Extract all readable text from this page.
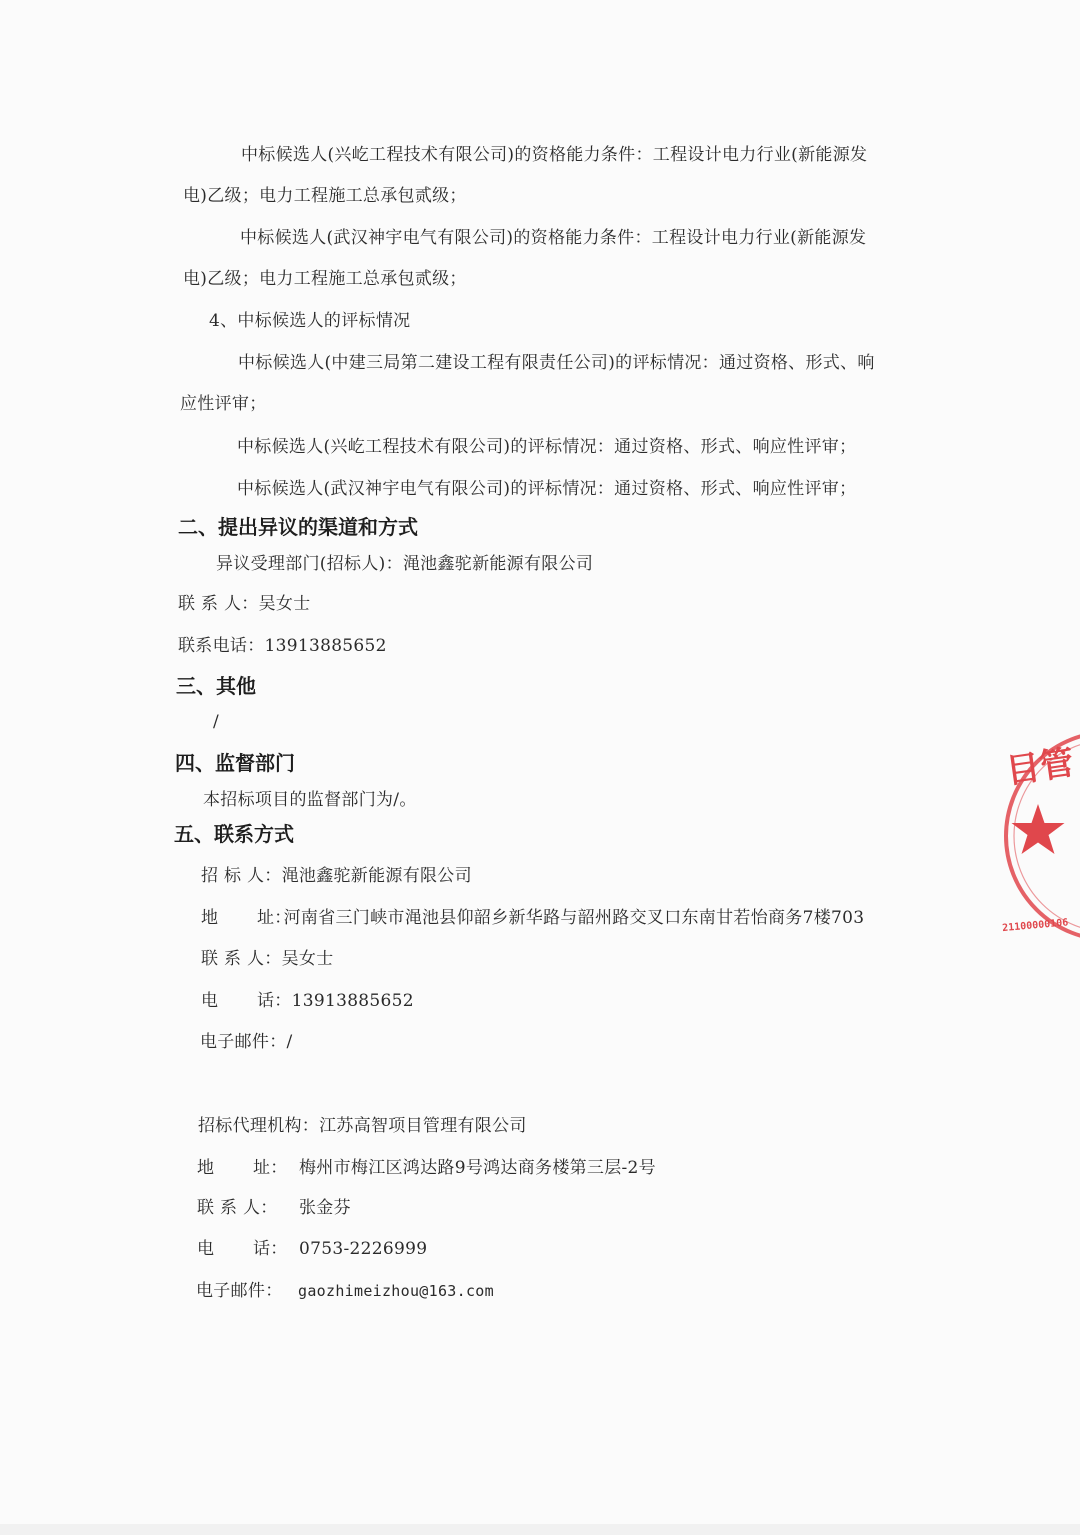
中标候选人(兴屹工程技术有限公司)的资格能力条件：工程设计电力行业(新能源发
电)乙级；电力工程施工总承包贰级；
中标候选人(武汉神宇电气有限公司)的资格能力条件：工程设计电力行业(新能源发
电)乙级；电力工程施工总承包贰级；
4、中标候选人的评标情况
中标候选人(中建三局第二建设工程有限责任公司)的评标情况：通过资格、形式、响
应性评审；
中标候选人(兴屹工程技术有限公司)的评标情况：通过资格、形式、响应性评审；
中标候选人(武汉神宇电气有限公司)的评标情况：通过资格、形式、响应性评审；
二、提出异议的渠道和方式
异议受理部门(招标人)：渑池鑫驼新能源有限公司
联 系 人：吴女士
联系电话：13913885652
三、其他
/
四、监督部门
本招标项目的监督部门为/。
五、联系方式
招 标 人：渑池鑫驼新能源有限公司
地 址：河南省三门峡市渑池县仰韶乡新华路与韶州路交叉口东南甘若怡商务7楼703
联 系 人：吴女士
电 话：13913885652
电子邮件：/
招标代理机构：江苏高智项目管理有限公司
地 址： 梅州市梅江区鸿达路9号鸿达商务楼第三层-2号
联 系 人： 张金芬
电 话： 0753-2226999
电子邮件： gaozhimeizhou@163.com
目管
21100000106
